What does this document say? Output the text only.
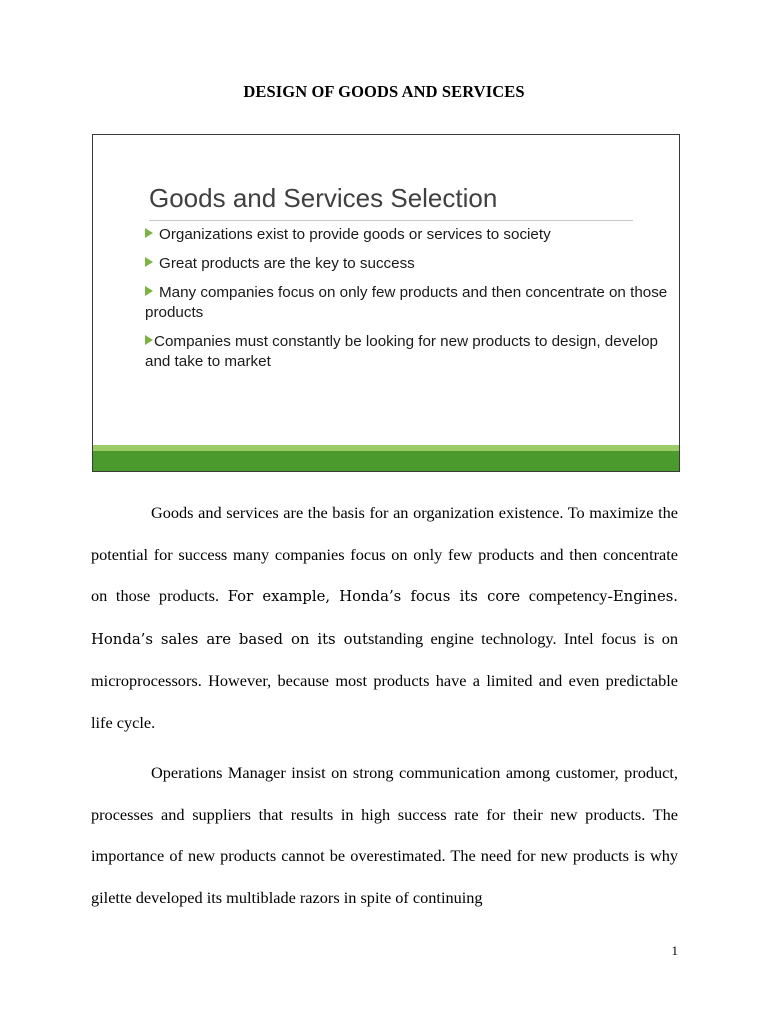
DESIGN OF GOODS AND SERVICES
Goods and Services Selection
Organizations exist to provide goods or services to society
Great products are the key to success
Many companies focus on only few products and then concentrate on those products
Companies must constantly be looking for new products to design, develop and take to market

Goods and services are the basis for an organization existence. To maximize the potential for success many companies focus on only few products and then concentrate on those products. For example, Honda’s focus its core competency-Engines. Honda’s sales are based on its outstanding engine technology. Intel focus is on microprocessors. However, because most products have a limited and even predictable life cycle.

Operations Manager insist on strong communication among customer, product, processes and suppliers that results in high success rate for their new products. The importance of new products cannot be overestimated. The need for new products is why gilette developed its multiblade razors in spite of continuing

1
